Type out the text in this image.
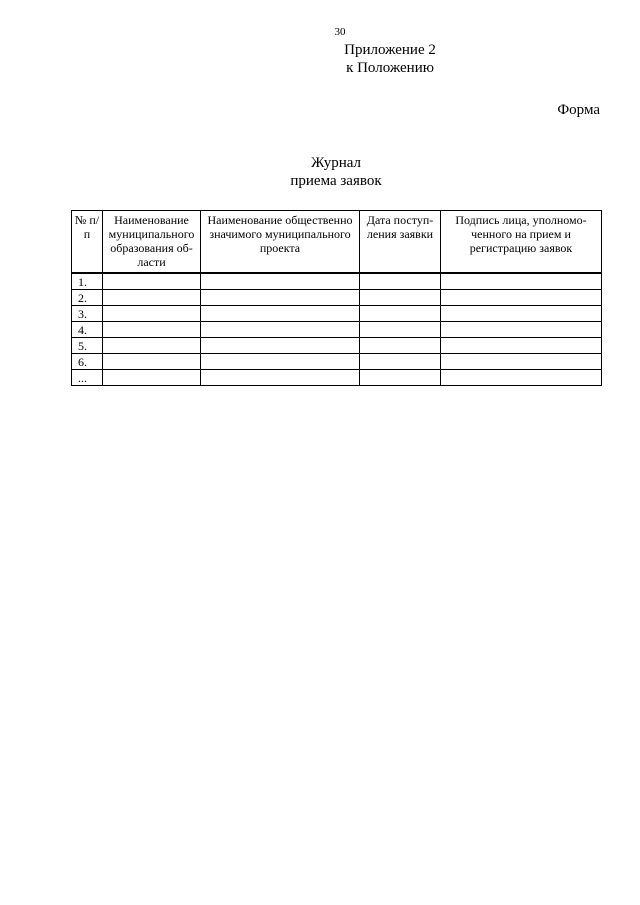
30
Приложение 2
к Положению
Форма
Журнал
приема заявок
№ п/п	Наименование муниципального образования об-ласти	Наименование общественно значимого муниципального проекта	Дата поступ-ления заявки	Подпись лица, уполномо-ченного на прием и регистрацию заявок
1.				
2.				
3.				
4.				
5.				
6.				
...				
